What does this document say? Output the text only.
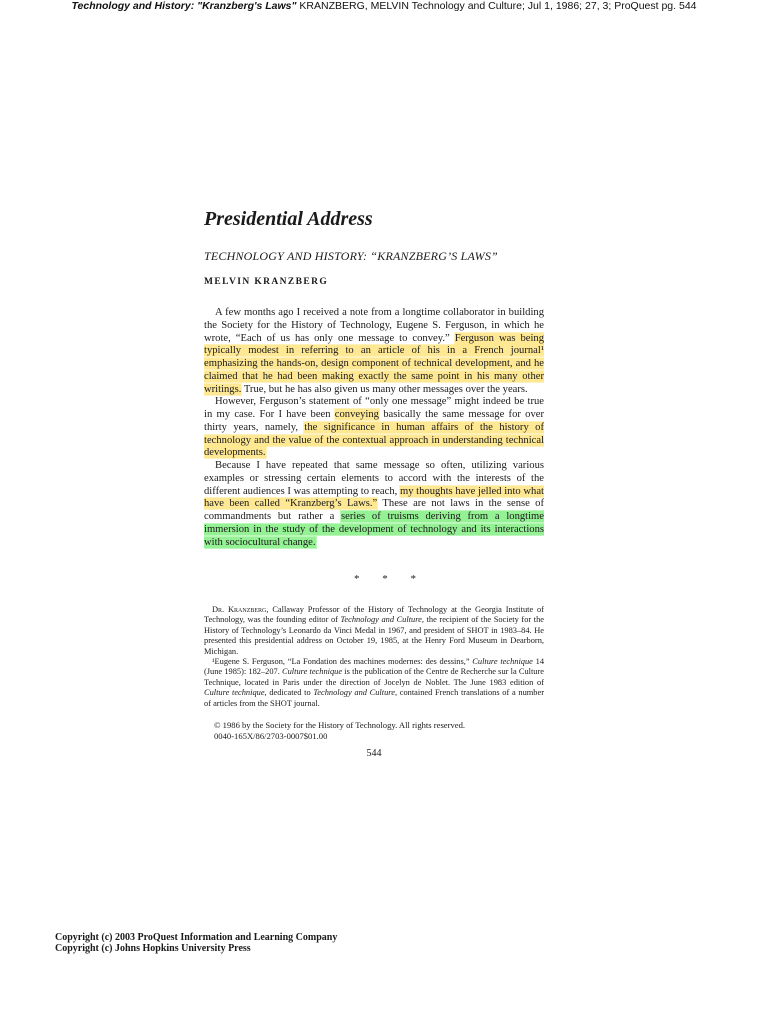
Technology and History: "Kranzberg's Laws" KRANZBERG, MELVIN Technology and Culture; Jul 1, 1986; 27, 3; ProQuest pg. 544
Presidential Address
TECHNOLOGY AND HISTORY: “KRANZBERG’S LAWS”
MELVIN KRANZBERG

A few months ago I received a note from a longtime collaborator in building the Society for the History of Technology, Eugene S. Ferguson, in which he wrote, “Each of us has only one message to convey.” Ferguson was being typically modest in referring to an article of his in a French journal¹ emphasizing the hands-on, design component of technical development, and he claimed that he had been making exactly the same point in his many other writings. True, but he has also given us many other messages over the years.

However, Ferguson’s statement of “only one message” might indeed be true in my case. For I have been conveying basically the same message for over thirty years, namely, the significance in human affairs of the history of technology and the value of the contextual approach in understanding technical developments.

Because I have repeated that same message so often, utilizing various examples or stressing certain elements to accord with the interests of the different audiences I was attempting to reach, my thoughts have jelled into what have been called “Kranzberg’s Laws.” These are not laws in the sense of commandments but rather a series of truisms deriving from a longtime immersion in the study of the development of technology and its interactions with sociocultural change.

* * *

Dr. Kranzberg, Callaway Professor of the History of Technology at the Georgia Institute of Technology, was the founding editor of Technology and Culture, the recipient of the Society for the History of Technology’s Leonardo da Vinci Medal in 1967, and president of SHOT in 1983–84. He presented this presidential address on October 19, 1985, at the Henry Ford Museum in Dearborn, Michigan.

¹Eugene S. Ferguson, “La Fondation des machines modernes: des dessins,” Culture technique 14 (June 1985): 182–207. Culture technique is the publication of the Centre de Recherche sur la Culture Technique, located in Paris under the direction of Jocelyn de Noblet. The June 1983 edition of Culture technique, dedicated to Technology and Culture, contained French translations of a number of articles from the SHOT journal.

© 1986 by the Society for the History of Technology. All rights reserved.
0040-165X/86/2703-0007$01.00
544
Copyright (c) 2003 ProQuest Information and Learning Company
Copyright (c) Johns Hopkins University Press
